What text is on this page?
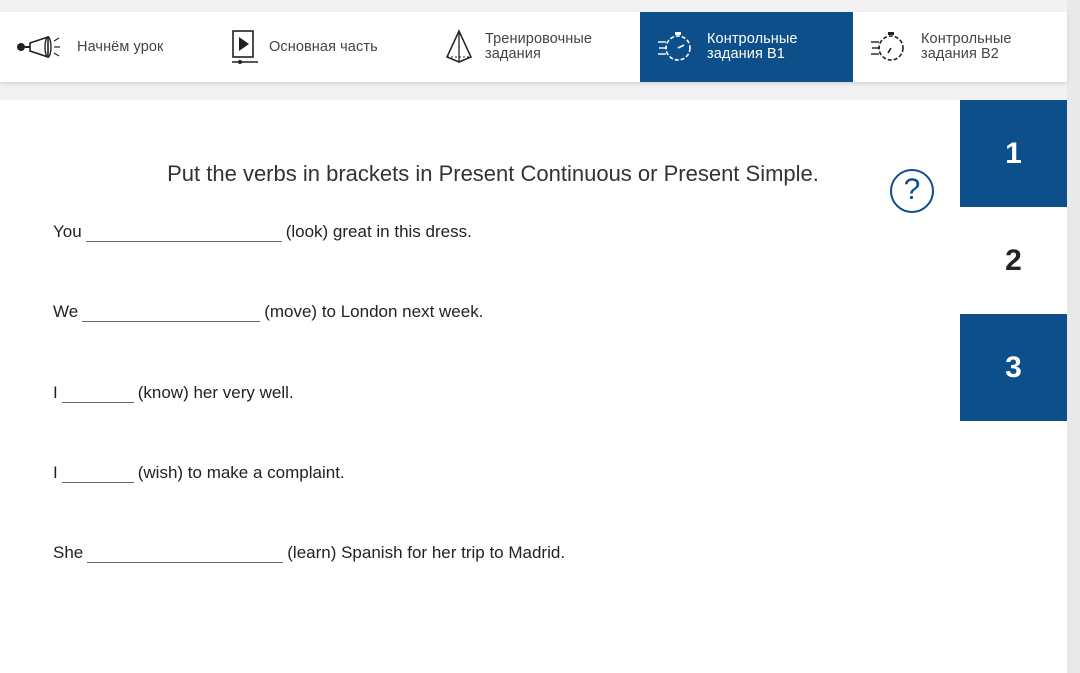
Начнём урок	Основная часть	Тренировочные
задания
Контрольные
задания В1
Контрольные
задания В2
Put the verbs in brackets in Present Continuous or Present Simple.	?
You	(look) great in this dress.
We	(move) to London next week.
I	(know) her very well.
I	(wish) to make a complaint.
She	(learn) Spanish for her trip to Madrid.
1
2
3
